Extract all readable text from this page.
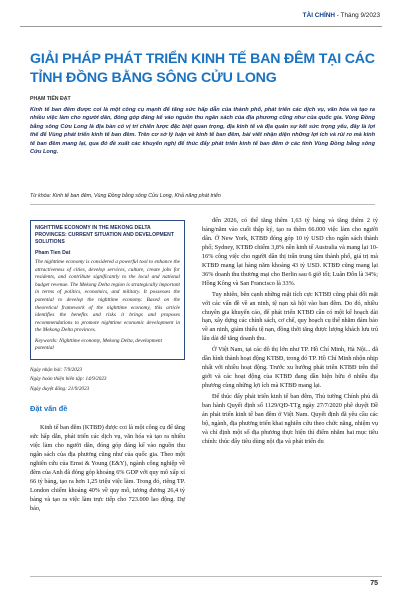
TÀI CHÍNH - Tháng 9/2023
GIẢI PHÁP PHÁT TRIỂN KINH TẾ BAN ĐÊM TẠI CÁC TỈNH ĐỒNG BẰNG SÔNG CỬU LONG
PHẠM TIẾN ĐẠT

Kinh tế ban đêm được coi là một công cụ mạnh để tăng sức hấp dẫn của thành phố, phát triển các dịch vụ, văn hóa và tạo ra nhiều việc làm cho người dân, đóng góp đáng kể vào nguồn thu ngân sách của địa phương cũng như của quốc gia. Vùng Đồng bằng sông Cửu Long là địa bàn có vị trí chiến lược đặc biệt quan trọng, địa kinh tế và địa quân sự kết sức trọng yếu, đây là lợi thế để Vùng phát triển kinh tế ban đêm. Trên cơ sở lý luận về kinh tế ban đêm, bài viết nhận diện những lợi ích và rủi ro mà kinh tế ban đêm mang lại, qua đó đề xuất các khuyến nghị để thúc đẩy phát triển kinh tế ban đêm ở các tỉnh Vùng Đồng bằng sông Cửu Long.

Từ khóa: Kinh tế ban đêm, Vùng Đồng bằng sông Cửu Long, Khả năng phát triển

NIGHTTIME ECONOMY IN THE MEKONG DELTA PROVINCES: CURRENT SITUATION AND DEVELOPMENT SOLUTIONS

Pham Tien Dat

The nighttime economy is considered a powerful tool to enhance the attractiveness of cities, develop services, culture, create jobs for residents, and contribute significantly to the local and national budget revenue. The Mekong Delta region is strategically important in terms of politics, economics, and military. It possesses the potential to develop the nighttime economy. Based on the theoretical framework of the nighttime economy, this article identifies the benefits and risks it brings and proposes recommendations to promote nighttime economic development in the Mekong Delta provinces.

Keywords: Nighttime economy, Mekong Delta, development potential

Ngày nhận bài: 7/9/2023
Ngày hoàn thiện biên tập: 14/9/2023
Ngày duyệt đăng: 21/9/2023
Đặt vấn đề

Kinh tế ban đêm (KTBĐ) được coi là một công cụ để tăng sức hấp dẫn, phát triển các dịch vụ, văn hóa và tạo ra nhiều việc làm cho người dân, đóng góp đáng kể vào nguồn thu ngân sách của địa phương cũng như của quốc gia. Theo một nghiên cứu của Ernst & Young (E&Y), ngành công nghiệp về đêm của Anh đã đóng góp khoảng 6% GDP với quy mô xấp xỉ 66 tỷ bảng, tạo ra hơn 1,25 triệu việc làm. Trong đó, riêng TP. London chiếm khoảng 40% về quy mô, tương đương 26,4 tỷ bảng và tạo ra việc làm trực tiếp cho 723.000 lao động. Dự báo,

đến 2026, có thể tăng thêm 1,63 tỷ bảng và tăng thêm 2 tỷ bảng/năm vào cuối thập kỷ, tạo ra thêm 66.000 việc làm cho người dân. Ở New York, KTBĐ đóng góp 10 tỷ USD cho ngân sách thành phố; Sydney, KTBĐ chiếm 3,8% nền kinh tế Australia và mang lại 10-16% công việc cho người dân thị trấn trung tâm thành phố, giá trị mà KTBĐ mang lại hàng năm khoảng 43 tỷ USD. KTBĐ cũng mang lại 36% doanh thu thương mại cho Berlin sau 6 giờ tối; Luân Đôn là 34%; Hồng Kông và San Francisco là 33%.

Tuy nhiên, bên cạnh những mặt tích cực KTBĐ cũng phải đối mặt với các vấn đề về an ninh, tệ nạn xã hội vào ban đêm. Do đó, nhiều chuyên gia khuyến cáo, để phát triển KTBĐ cần có một kế hoạch dài hạn, xây dựng các chính sách, cơ chế, quy hoạch cụ thể nhằm đảm bảo về an ninh, giảm thiểu tệ nạn, đồng thời tăng được lượng khách lưu trú lâu dài để tăng doanh thu.

Ở Việt Nam, tại các đô thị lớn như TP. Hồ Chí Minh, Hà Nội... đã dần hình thành hoạt động KTBĐ, trong đó TP. Hồ Chí Minh nhộn nhịp nhất với nhiều hoạt động. Trước xu hướng phát triển KTBĐ trên thế giới và các hoạt động của KTBĐ đang dần hiện hữu ở nhiều địa phương cùng những lợi ích mà KTBĐ mang lại.

Để thúc đẩy phát triển kinh tế ban đêm, Thủ tướng Chính phủ đã ban hành Quyết định số 1129/QĐ-TTg ngày 27/7/2020 phê duyệt Đề án phát triển kinh tế ban đêm ở Việt Nam. Quyết định đã yêu cầu các bộ, ngành, địa phương triển khai nghiên cứu theo chức năng, nhiệm vụ và chỉ định một số địa phương thực hiện thí điểm nhằm hai mục tiêu chính: thúc đẩy tiêu dùng nội địa và phát triển du

75
